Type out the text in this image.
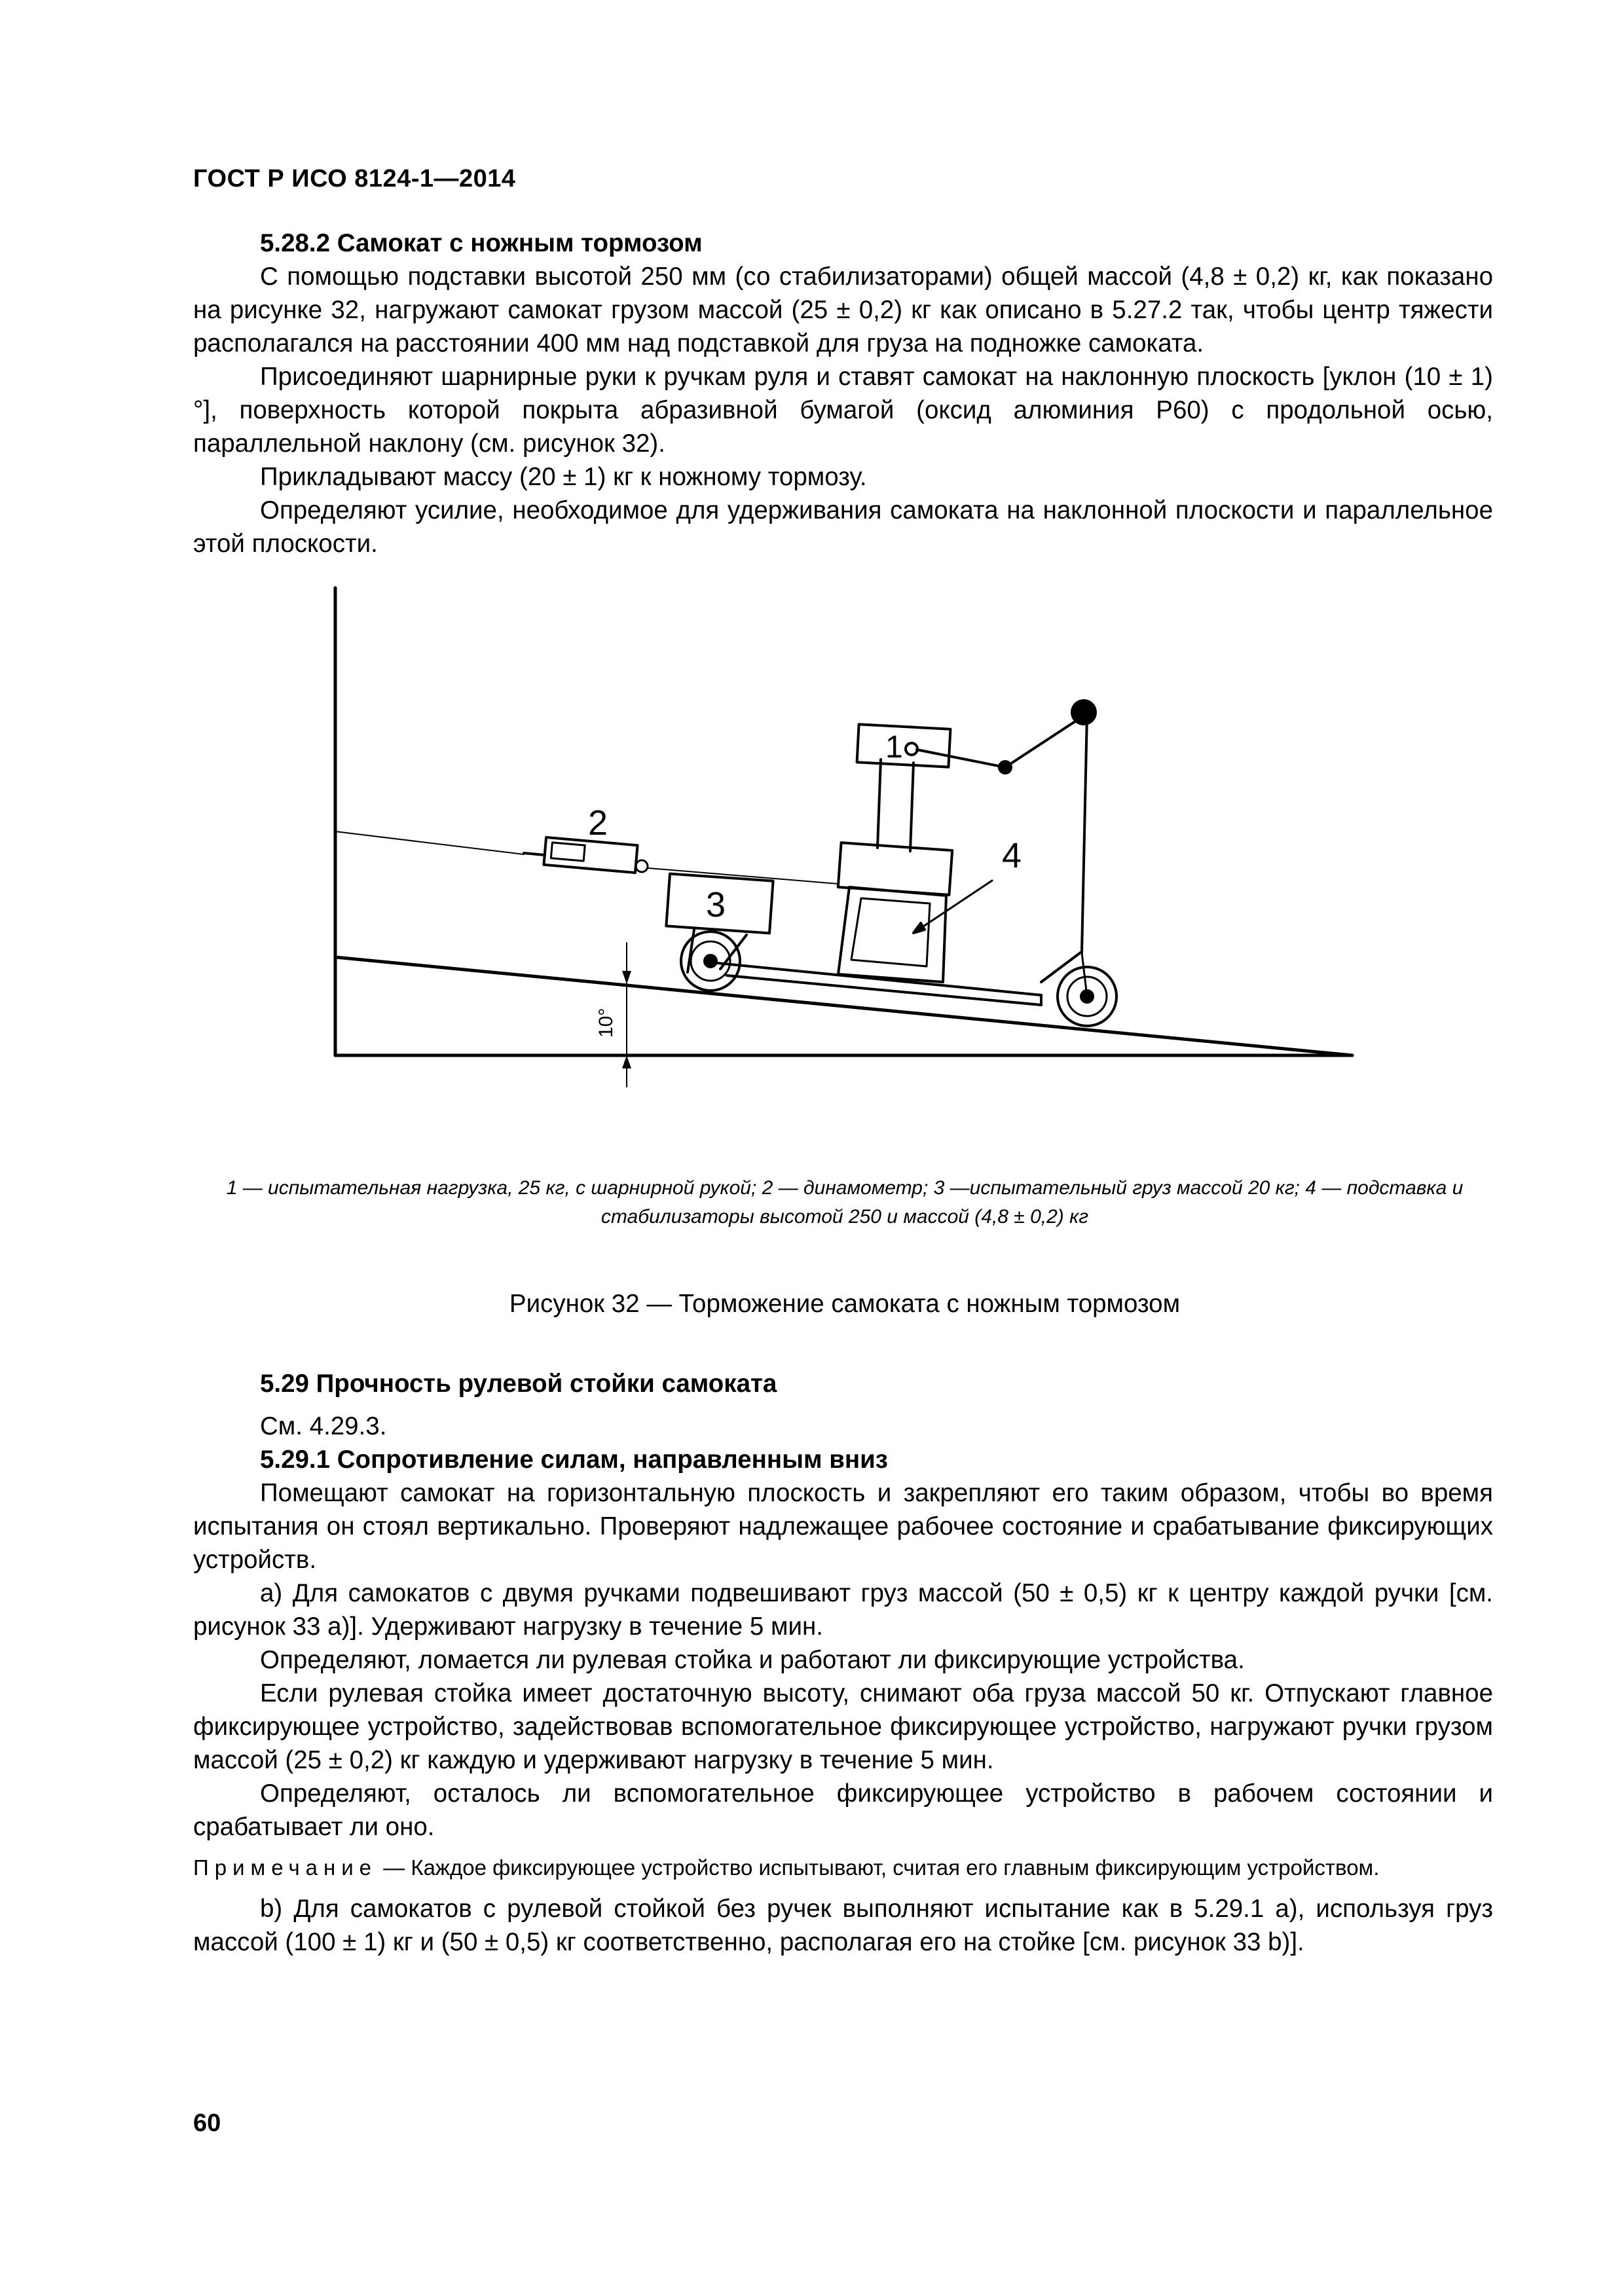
ГОСТ Р ИСО 8124-1—2014

5.28.2 Самокат с ножным тормозом

С помощью подставки высотой 250 мм (со стабилизаторами) общей массой (4,8 ± 0,2) кг, как показано на рисунке 32, нагружают самокат грузом массой (25 ± 0,2) кг как описано в 5.27.2 так, чтобы центр тяжести располагался на расстоянии 400 мм над подставкой для груза на подножке самоката.

Присоединяют шарнирные руки к ручкам руля и ставят самокат на наклонную плоскость [уклон (10 ± 1)°], поверхность которой покрыта абразивной бумагой (оксид алюминия Р60) с продольной осью, параллельной наклону (см. рисунок 32).

Прикладывают массу (20 ± 1) кг к ножному тормозу.

Определяют усилие, необходимое для удерживания самоката на наклонной плоскости и параллельное этой плоскости.

1
2
3
4
10°
1 — испытательная нагрузка, 25 кг, с шарнирной рукой; 2 — динамометр; 3 —испытательный груз массой 20 кг; 4 — подставка и стабилизаторы высотой 250 и массой (4,8 ± 0,2) кг
Рисунок 32 — Торможение самоката с ножным тормозом

5.29 Прочность рулевой стойки самоката

См. 4.29.3.

5.29.1 Сопротивление силам, направленным вниз

Помещают самокат на горизонтальную плоскость и закрепляют его таким образом, чтобы во время испытания он стоял вертикально. Проверяют надлежащее рабочее состояние и срабатывание фиксирующих устройств.

a) Для самокатов с двумя ручками подвешивают груз массой (50 ± 0,5) кг к центру каждой ручки [см. рисунок 33 а)]. Удерживают нагрузку в течение 5 мин.

Определяют, ломается ли рулевая стойка и работают ли фиксирующие устройства.

Если рулевая стойка имеет достаточную высоту, снимают оба груза массой 50 кг. Отпускают главное фиксирующее устройство, задействовав вспомогательное фиксирующее устройство, нагружают ручки грузом массой (25 ± 0,2) кг каждую и удерживают нагрузку в течение 5 мин.

Определяют, осталось ли вспомогательное фиксирующее устройство в рабочем состоянии и срабатывает ли оно.

Примечание — Каждое фиксирующее устройство испытывают, считая его главным фиксирующим устройством.

b) Для самокатов с рулевой стойкой без ручек выполняют испытание как в 5.29.1 а), используя груз массой (100 ± 1) кг и (50 ± 0,5) кг соответственно, располагая его на стойке [см. рисунок 33 b)].

60
